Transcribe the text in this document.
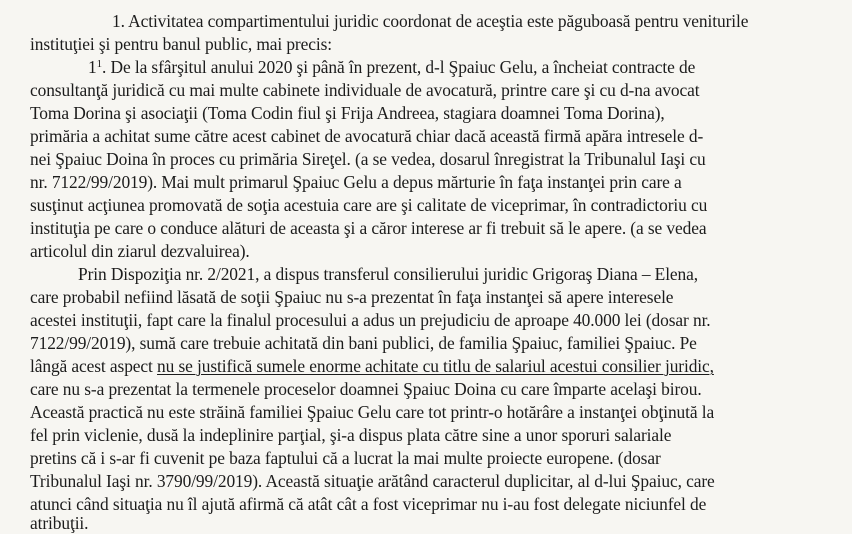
1. Activitatea compartimentului juridic coordonat de aceştia este păguboasă pentru veniturile
instituţiei şi pentru banul public, mai precis:
$1^1$. De la sfârşitul anului 2020 şi până în prezent, d-l Şpaiuc Gelu, a încheiat contracte de
consultanţă juridică cu mai multe cabinete individuale de avocatură, printre care şi cu d-na avocat
Toma Dorina şi asociaţii (Toma Codin fiul şi Frija Andreea, stagiara doamnei Toma Dorina),
primăria a achitat sume către acest cabinet de avocatură chiar dacă această firmă apăra intresele d-
nei Şpaiuc Doina în proces cu primăria Sireţel. (a se vedea, dosarul înregistrat la Tribunalul Iaşi cu
nr. 7122/99/2019). Mai mult primarul Şpaiuc Gelu a depus mărturie în faţa instanţei prin care a
susţinut acţiunea promovată de soţia acestuia care are şi calitate de viceprimar, în contradictoriu cu
instituţia pe care o conduce alături de aceasta şi a căror interese ar fi trebuit să le apere. (a se vedea
articolul din ziarul dezvaluirea).
Prin Dispoziţia nr. 2/2021, a dispus transferul consilierului juridic Grigoraş Diana – Elena,
care probabil nefiind lăsată de soţii Şpaiuc nu s-a prezentat în faţa instanţei să apere interesele
acestei instituţii, fapt care la finalul procesului a adus un prejudiciu de aproape 40.000 lei (dosar nr.
7122/99/2019), sumă care trebuie achitată din bani publici, de familia Şpaiuc, familiei Şpaiuc. Pe
lângă acest aspect nu se justifică sumele enorme achitate cu titlu de salariul acestui consilier juridic,
care nu s-a prezentat la termenele proceselor doamnei Şpaiuc Doina cu care împarte acelaşi birou.
Această practică nu este străină familiei Şpaiuc Gelu care tot printr-o hotărâre a instanţei obţinută la
fel prin viclenie, dusă la indeplinire parţial, şi-a dispus plata către sine a unor sporuri salariale
pretins că i s-ar fi cuvenit pe baza faptului că a lucrat la mai multe proiecte europene. (dosar
Tribunalul Iaşi nr. 3790/99/2019). Această situaţie arătând caracterul duplicitar, al d-lui Şpaiuc, care
atunci când situaţia nu îl ajută afirmă că atât cât a fost viceprimar nu i-au fost delegate niciunfel de
atribuţii.
